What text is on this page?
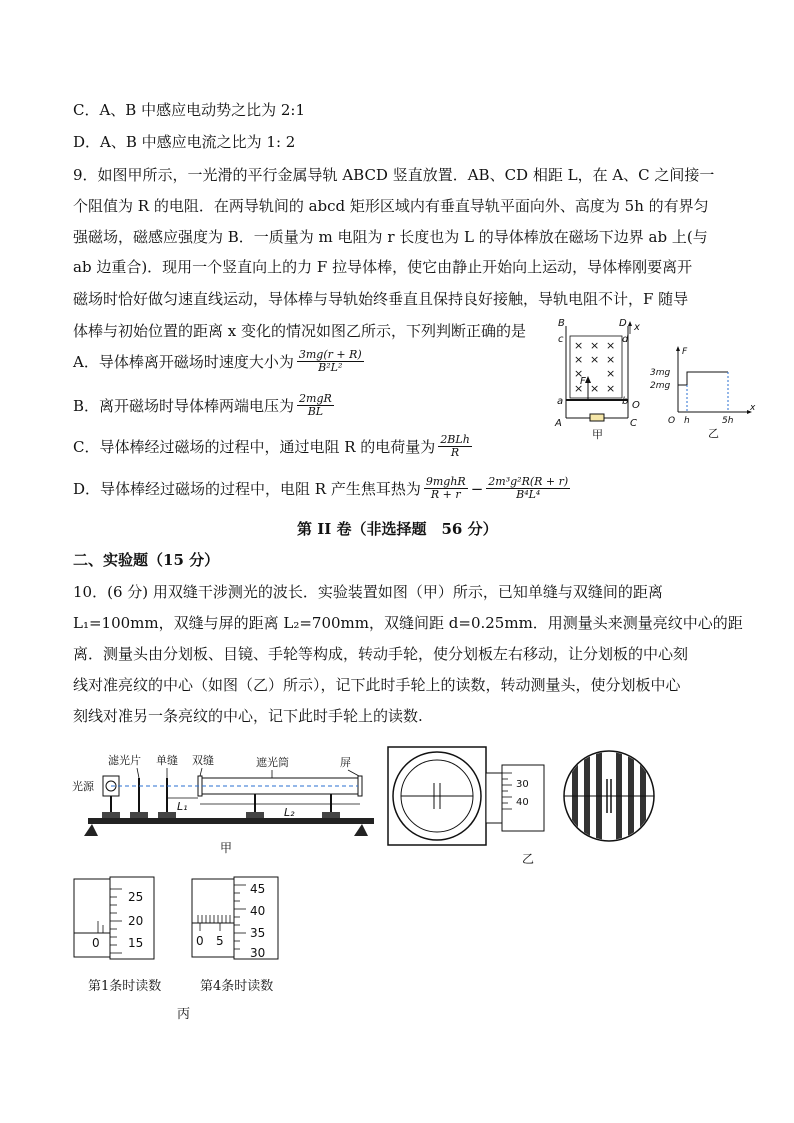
C．A、B 中感应电动势之比为 2:1
D．A、B 中感应电流之比为 1: 2
9．如图甲所示，一光滑的平行金属导轨 ABCD 竖直放置．AB、CD 相距 L，在 A、C 之间接一
个阻值为 R 的电阻．在两导轨间的 abcd 矩形区域内有垂直导轨平面向外、高度为 5h 的有界匀
强磁场，磁感应强度为 B．一质量为 m 电阻为 r 长度也为 L 的导体棒放在磁场下边界 ab 上(与
ab 边重合)．现用一个竖直向上的力 F 拉导体棒，使它由静止开始向上运动，导体棒刚要离开
磁场时恰好做匀速直线运动，导体棒与导轨始终垂直且保持良好接触，导轨电阻不计，F 随导
体棒与初始位置的距离 x 变化的情况如图乙所示，下列判断正确的是
A．导体棒离开磁场时速度大小为 $\frac{3mg(r + R)}{\text{B²L²}}$
B．离开磁场时导体棒两端电压为 $\frac{\text{2mgR}}{BL}$
C．导体棒经过磁场的过程中，通过电阻 R 的电荷量为 $\frac{\text{2BLh}}{R}$
D．导体棒经过磁场的过程中，电阻 R 产生焦耳热为 $\frac{\text{9mghR}}{R + r} - \frac{\text{2m³g²R(R + r)}}{\text{B⁴L⁴}}$
× × ×
× × ×
× ×
× × ×
B	D x
c	d
F
a	b O
A	C
甲
F
3mg
2mg
O h	5h
x
乙
第 II 卷（非选择题　56 分）
二、实验题（15 分）
10．(6 分) 用双缝干涉测光的波长．实验装置如图（甲）所示，已知单缝与双缝间的距离
L₁=100mm，双缝与屏的距离 L₂=700mm，双缝间距 d=0.25mm．用测量头来测量亮纹中心的距
离．测量头由分划板、目镜、手轮等构成，转动手轮，使分划板左右移动，让分划板的中心刻
线对准亮纹的中心（如图（乙）所示），记下此时手轮上的读数，转动测量头，使分划板中心
刻线对准另一条亮纹的中心，记下此时手轮上的读数.
滤光片 单缝 双缝	遮光筒	屏
光源
L₁	L₂
甲
30
40
乙
25
20
15
0
45
40
35
30
0 5
第1条时读数	第4条时读数
丙
